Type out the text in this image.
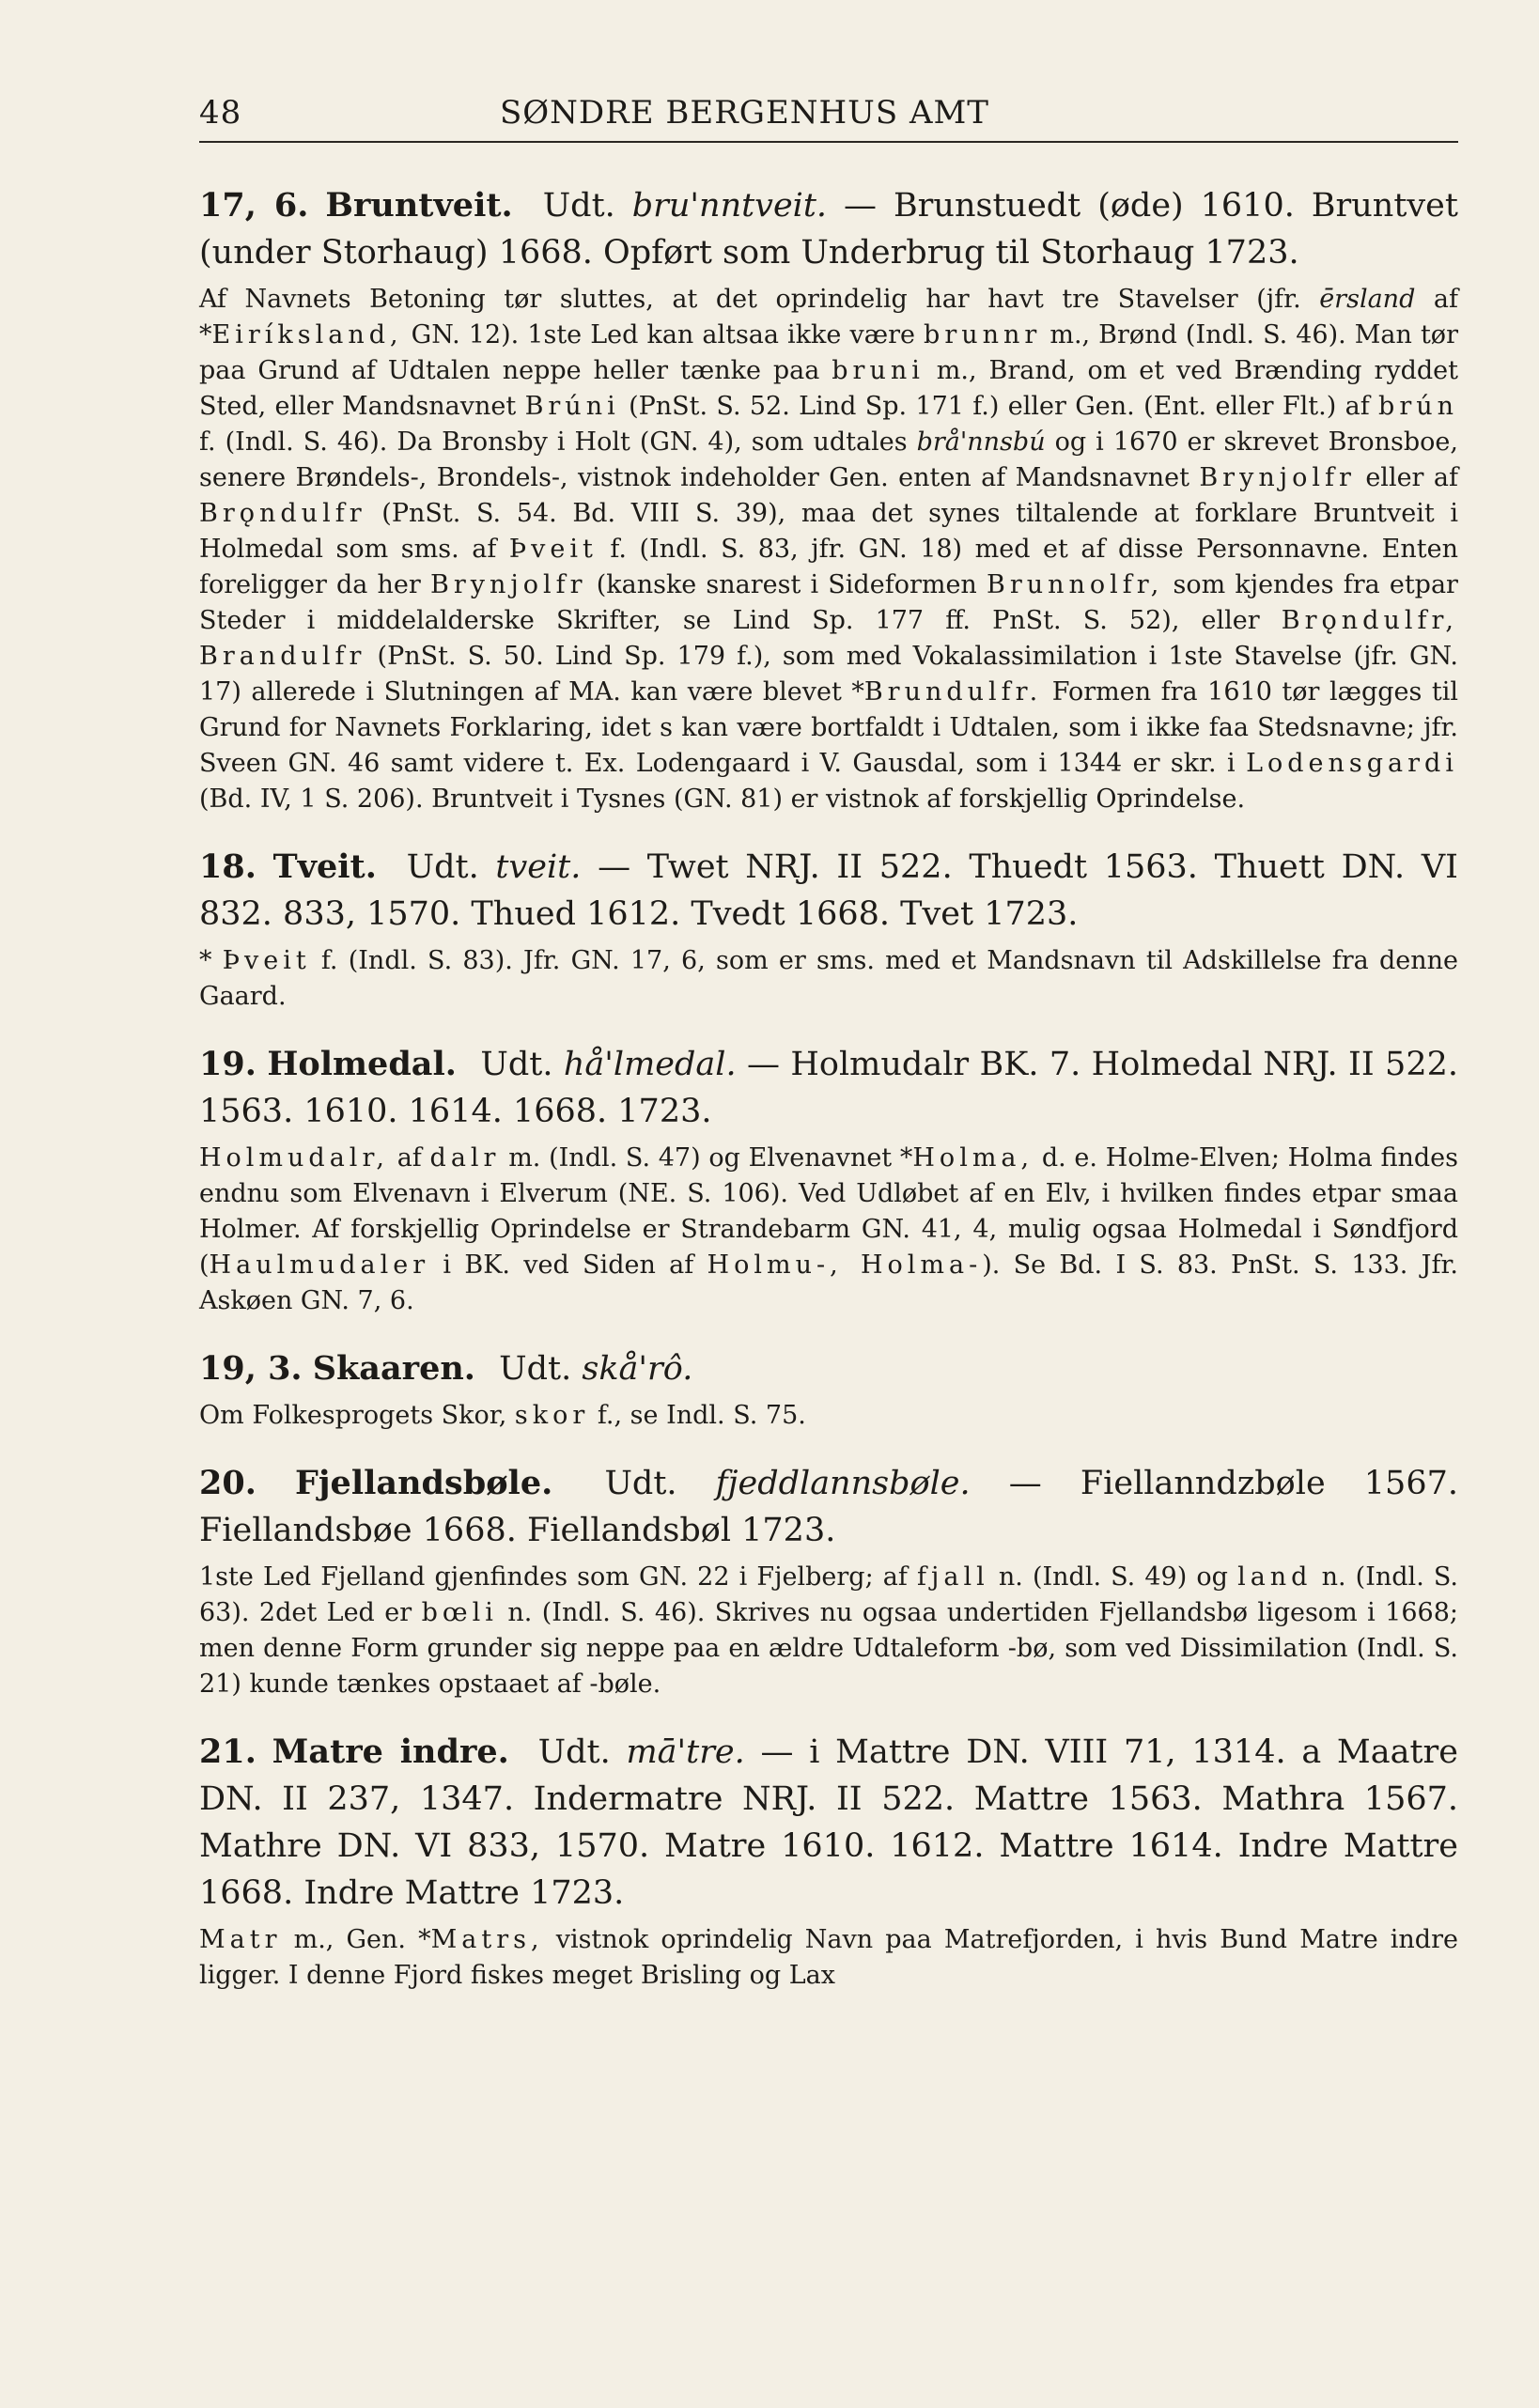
48	SØNDRE BERGENHUS AMT
17, 6. Bruntveit. Udt. bru'nntveit. — Brunstuedt (øde) 1610. Bruntvet (under Storhaug) 1668. Opført som Underbrug til Storhaug 1723.
Af Navnets Betoning tør sluttes, at det oprindelig har havt tre Stavelser (jfr. ērsland af *Eiríksland, GN. 12). 1ste Led kan altsaa ikke være brunnr m., Brønd (Indl. S. 46). Man tør paa Grund af Udtalen neppe heller tænke paa bruni m., Brand, om et ved Brænding ryddet Sted, eller Mandsnavnet Brúni (PnSt. S. 52. Lind Sp. 171 f.) eller Gen. (Ent. eller Flt.) af brún f. (Indl. S. 46). Da Bronsby i Holt (GN. 4), som udtales brå'nnsbú og i 1670 er skrevet Bronsboe, senere Brøndels-, Brondels-, vistnok indeholder Gen. enten af Mandsnavnet Brynjolfr eller af Brǫndulfr (PnSt. S. 54. Bd. VIII S. 39), maa det synes tiltalende at forklare Bruntveit i Holmedal som sms. af Þveit f. (Indl. S. 83, jfr. GN. 18) med et af disse Personnavne. Enten foreligger da her Brynjolfr (kanske snarest i Sideformen Brunnolfr, som kjendes fra etpar Steder i middelalderske Skrifter, se Lind Sp. 177 ff. PnSt. S. 52), eller Brǫndulfr, Brandulfr (PnSt. S. 50. Lind Sp. 179 f.), som med Vokalassimilation i 1ste Stavelse (jfr. GN. 17) allerede i Slutningen af MA. kan være blevet *Brundulfr. Formen fra 1610 tør lægges til Grund for Navnets Forklaring, idet s kan være bortfaldt i Udtalen, som i ikke faa Stedsnavne; jfr. Sveen GN. 46 samt videre t. Ex. Lodengaard i V. Gausdal, som i 1344 er skr. i Lodensgardi (Bd. IV, 1 S. 206). Bruntveit i Tysnes (GN. 81) er vistnok af forskjellig Oprindelse.
18. Tveit. Udt. tveit. — Twet NRJ. II 522. Thuedt 1563. Thuett DN. VI 832. 833, 1570. Thued 1612. Tvedt 1668. Tvet 1723.
* Þveit f. (Indl. S. 83). Jfr. GN. 17, 6, som er sms. med et Mandsnavn til Adskillelse fra denne Gaard.
19. Holmedal. Udt. hå'lmedal. — Holmudalr BK. 7. Holmedal NRJ. II 522. 1563. 1610. 1614. 1668. 1723.
Holmudalr, af dalr m. (Indl. S. 47) og Elvenavnet *Holma, d. e. Holme-Elven; Holma findes endnu som Elvenavn i Elverum (NE. S. 106). Ved Udløbet af en Elv, i hvilken findes etpar smaa Holmer. Af forskjellig Oprindelse er Strandebarm GN. 41, 4, mulig ogsaa Holmedal i Søndfjord (Haulmudaler i BK. ved Siden af Holmu-, Holma-). Se Bd. I S. 83. PnSt. S. 133. Jfr. Askøen GN. 7, 6.
19, 3. Skaaren. Udt. skå'rô.
Om Folkesprogets Skor, skor f., se Indl. S. 75.
20. Fjellandsbøle. Udt. fjeddlannsbøle. — Fiellanndzbøle 1567. Fiellandsbøe 1668. Fiellandsbøl 1723.
1ste Led Fjelland gjenfindes som GN. 22 i Fjelberg; af fjall n. (Indl. S. 49) og land n. (Indl. S. 63). 2det Led er bœli n. (Indl. S. 46). Skrives nu ogsaa undertiden Fjellandsbø ligesom i 1668; men denne Form grunder sig neppe paa en ældre Udtaleform -bø, som ved Dissimilation (Indl. S. 21) kunde tænkes opstaaet af -bøle.
21. Matre indre. Udt. mā'tre. — i Mattre DN. VIII 71, 1314. a Maatre DN. II 237, 1347. Indermatre NRJ. II 522. Mattre 1563. Mathra 1567. Mathre DN. VI 833, 1570. Matre 1610. 1612. Mattre 1614. Indre Mattre 1668. Indre Mattre 1723.
Matr m., Gen. *Matrs, vistnok oprindelig Navn paa Matrefjorden, i hvis Bund Matre indre ligger. I denne Fjord fiskes meget Brisling og Lax
